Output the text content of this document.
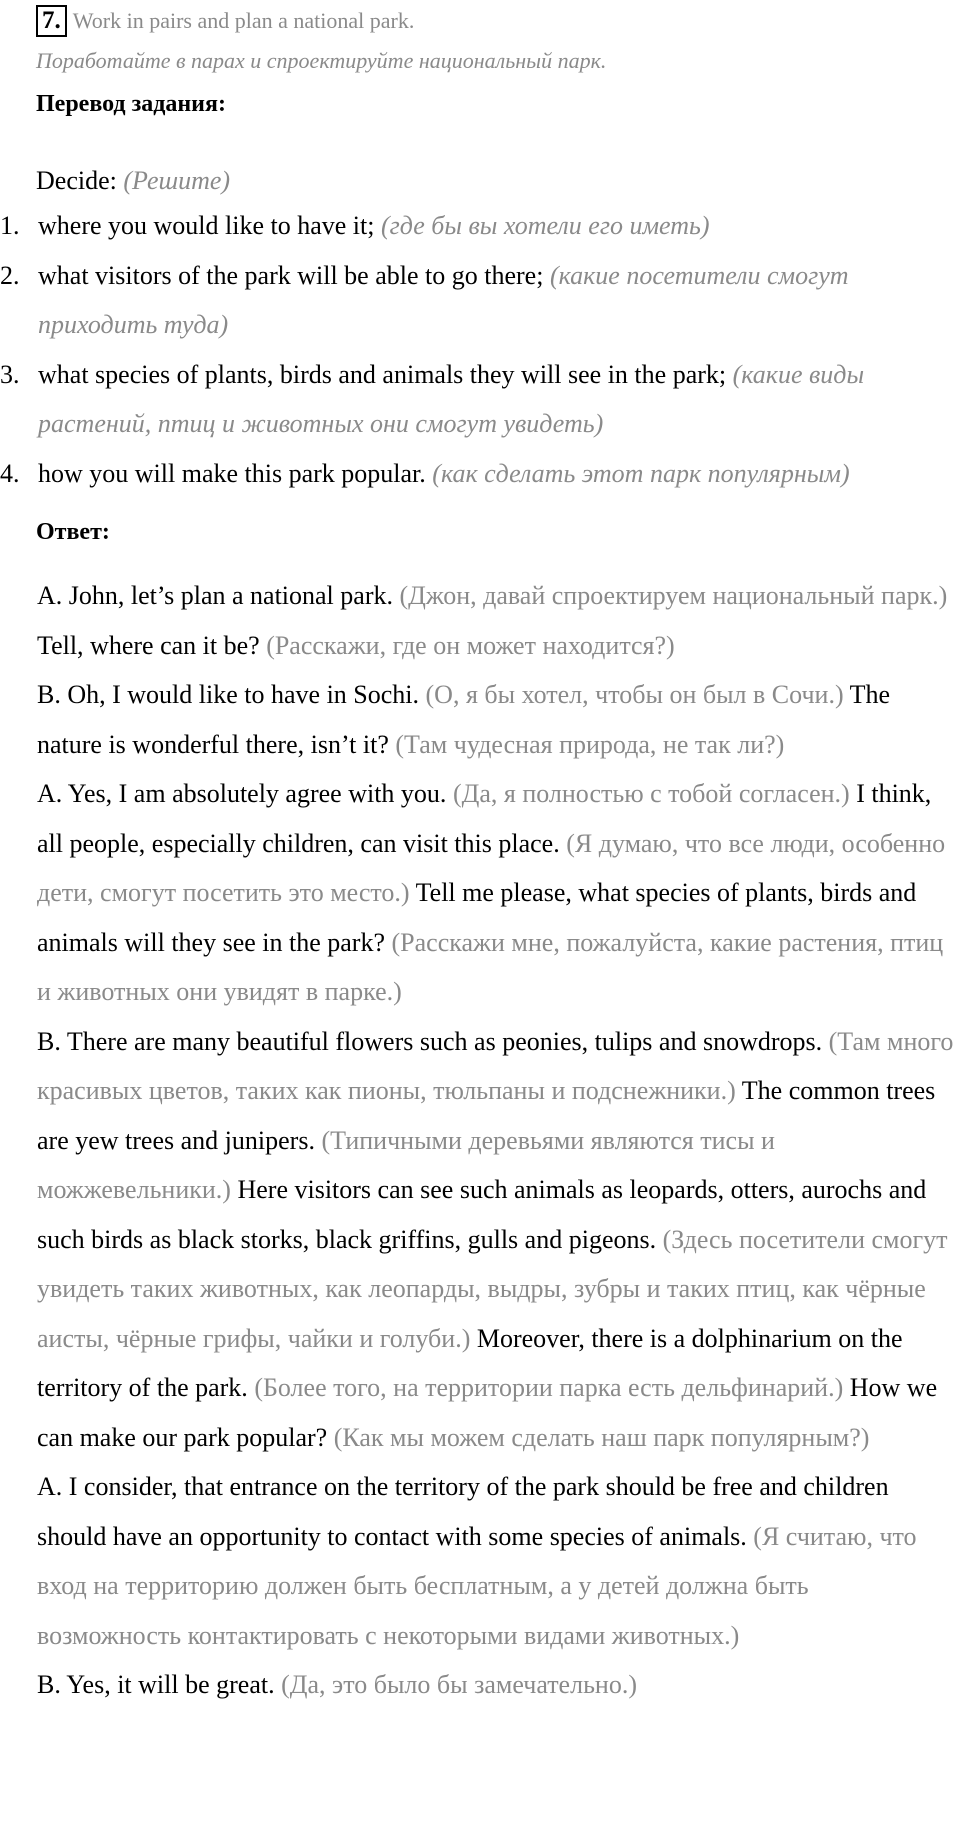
7. Work in pairs and plan a national park.
Поработайте в парах и спроектируйте национальный парк.
Перевод задания:
Decide: (Решите)
1. where you would like to have it; (где бы вы хотели его иметь)
2. what visitors of the park will be able to go there; (какие посетители смогут приходить туда)
3. what species of plants, birds and animals they will see in the park; (какие виды растений, птиц и животных они смогут увидеть)
4. how you will make this park popular. (как сделать этот парк популярным)
Ответ:

A. John, let’s plan a national park. (Джон, давай спроектируем национальный парк.) Tell, where can it be? (Расскажи, где он может находится?)

B. Oh, I would like to have in Sochi. (О, я бы хотел, чтобы он был в Сочи.) The nature is wonderful there, isn’t it? (Там чудесная природа, не так ли?)

A. Yes, I am absolutely agree with you. (Да, я полностью с тобой согласен.) I think, all people, especially children, can visit this place. (Я думаю, что все люди, особенно дети, смогут посетить это место.) Tell me please, what species of plants, birds and animals will they see in the park? (Расскажи мне, пожалуйста, какие растения, птиц и животных они увидят в парке.)

B. There are many beautiful flowers such as peonies, tulips and snowdrops. (Там много красивых цветов, таких как пионы, тюльпаны и подснежники.) The common trees are yew trees and junipers. (Типичными деревьями являются тисы и можжевельники.) Here visitors can see such animals as leopards, otters, aurochs and such birds as black storks, black griffins, gulls and pigeons. (Здесь посетители смогут увидеть таких животных, как леопарды, выдры, зубры и таких птиц, как чёрные аисты, чёрные грифы, чайки и голуби.) Moreover, there is a dolphinarium on the territory of the park. (Более того, на территории парка есть дельфинарий.) How we can make our park popular? (Как мы можем сделать наш парк популярным?)

A. I consider, that entrance on the territory of the park should be free and children should have an opportunity to contact with some species of animals. (Я считаю, что вход на территорию должен быть бесплатным, а у детей должна быть возможность контактировать с некоторыми видами животных.)

B. Yes, it will be great. (Да, это было бы замечательно.)
